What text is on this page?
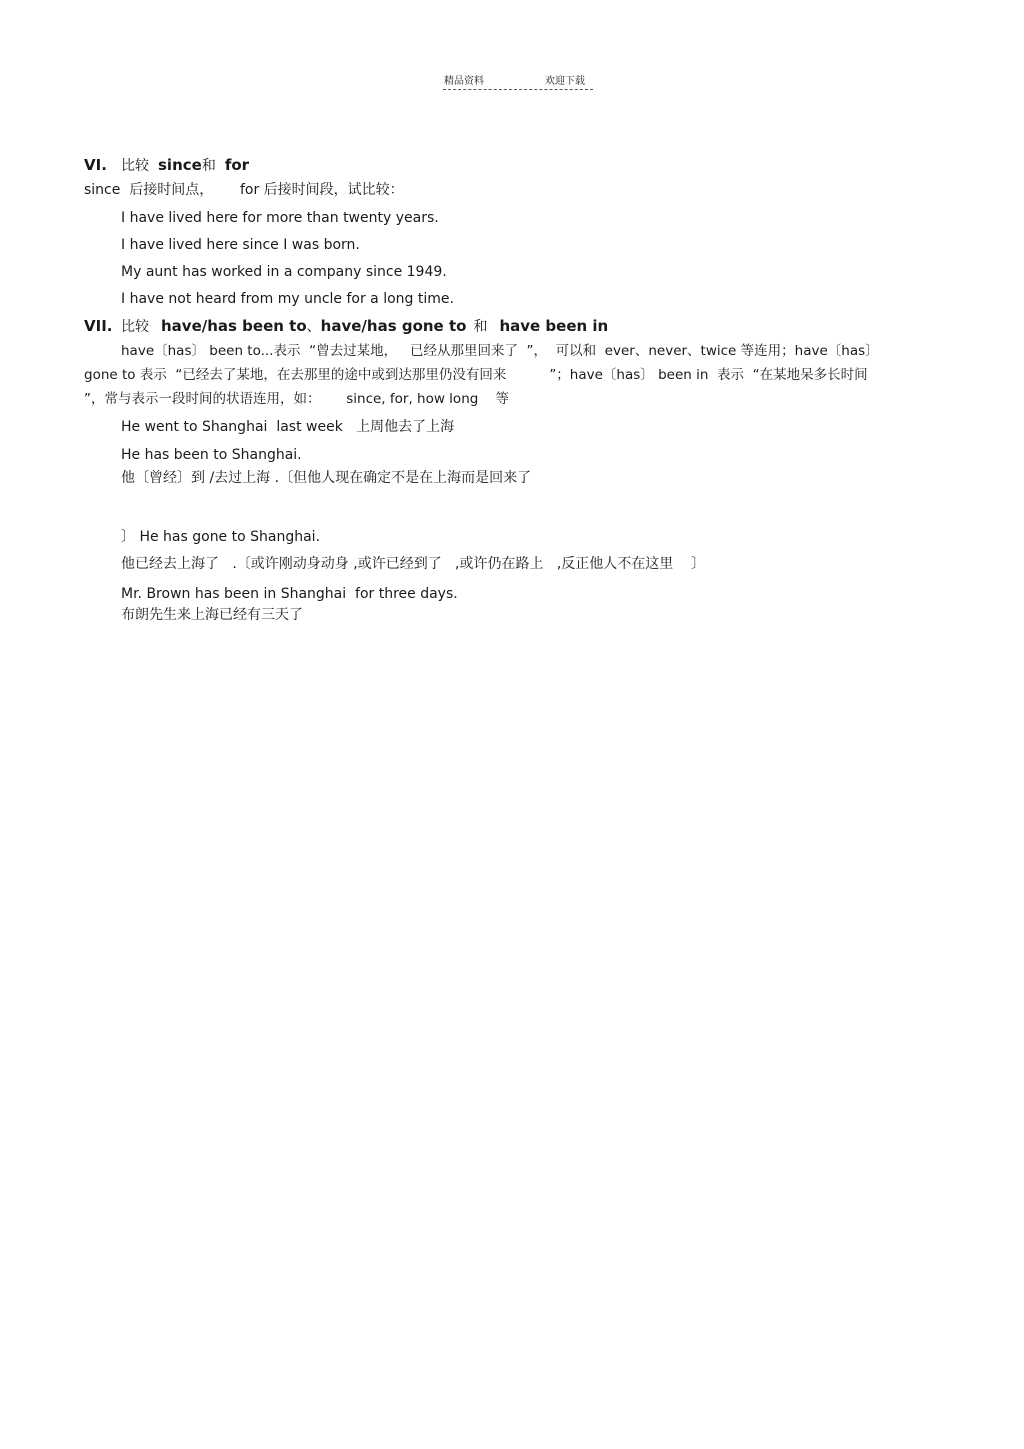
精品资料	欢迎下载
VI. 比较 since和 for
since  后接时间点，      for 后接时间段，试比较：
I have lived here for more than twenty years.
I have lived here since I was born.
My aunt has worked in a company since 1949.
I have not heard from my uncle for a long time.
VII. 比较 have/has been to、have/has gone to 和 have been in
have〔has〕 been to...表示  “曾去过某地，   已经从那里回来了  ”，  可以和  ever、never、twice 等连用；have〔has〕
gone to 表示  “已经去了某地，在去那里的途中或到达那里仍没有回来          ”；have〔has〕 been in  表示  “在某地呆多长时间
”，常与表示一段时间的状语连用，如：      since, for, how long    等
He went to Shanghai  last week   上周他去了上海
He has been to Shanghai.
他〔曾经〕到 /去过上海 .〔但他人现在确定不是在上海而是回来了
〕 He has gone to Shanghai.
他已经去上海了   .〔或许刚动身动身 ,或许已经到了   ,或许仍在路上   ,反正他人不在这里    〕
Mr. Brown has been in Shanghai  for three days.
布朗先生来上海已经有三天了
